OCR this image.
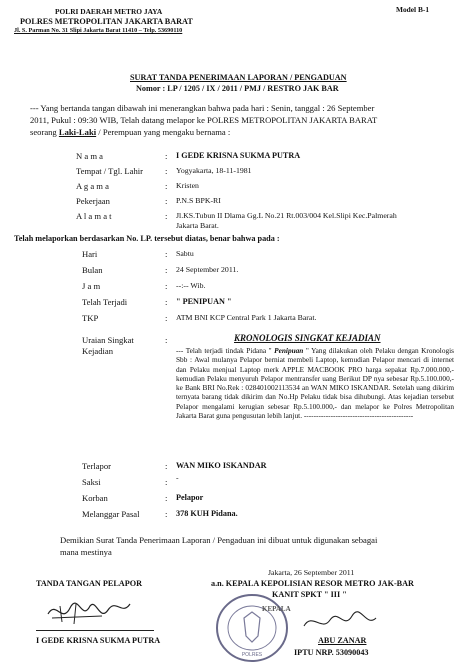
POLRI DAERAH METRO JAYA
POLRES METROPOLITAN JAKARTA BARAT
Jl. S. Parman No. 31 Slipi Jakarta Barat 11410 – Telp. 53690110
Model B-1
SURAT TANDA PENERIMAAN LAPORAN / PENGADUAN
Nomor : LP / 1205 / IX / 2011 / PMJ / RESTRO JAK BAR
--- Yang bertanda tangan dibawah ini menerangkan bahwa pada hari : Senin, tanggal : 26 September
2011, Pukul : 09:30 WIB, Telah datang melapor ke POLRES METROPOLITAN JAKARTA BARAT
seorang Laki-Laki / Perempuan yang mengaku bernama :
N a m a	: I GEDE KRISNA SUKMA PUTRA
Tempat / Tgl. Lahir	: Yogyakarta, 18-11-1981
A g a m a	: Kristen
Pekerjaan	: P.N.S BPK-RI
A l a m a t	: Jl.KS.Tubun II Dlama Gg.L No.21 Rt.003/004 Kel.Slipi Kec.Palmerah
Jakarta Barat.
Telah melaporkan berdasarkan No. LP. tersebut diatas, benar bahwa pada :
Hari	: Sabtu
Bulan	: 24 September 2011.
J a m	: --:-- Wib.
Telah Terjadi	: " PENIPUAN "
TKP	: ATM BNI KCP Central Park 1 Jakarta Barat.
Uraian Singkat
Kejadian
:	KRONOLOGIS SINGKAT KEJADIAN
--- Telah terjadi tindak Pidana " Penipuan " Yang dilakukan oleh Pelaku dengan Kronologis Sbb : Awal mulanya Pelapor berniat membeli Laptop, kemudian Pelapor mencari di internet dan Pelaku menjual Laptop merk APPLE MACBOOK PRO harga sepakat Rp.7.000.000,- kemudian Pelaku menyuruh Pelapor mentransfer uang Berikut DP nya sebesar Rp.5.100.000,- ke Bank BRI No.Rek : 028401002113534 an WAN MIKO ISKANDAR. Setelah uang dikirim ternyata barang tidak dikirim dan No.Hp Pelaku tidak bisa dihubungi. Atas kejadian tersebut Pelapor mengalami kerugian sebesar Rp.5.100.000,- dan melapor ke Polres Metropolitan Jakarta Barat guna pengusutan lebih lanjut. ---------------------------------------------
Terlapor	: WAN MIKO ISKANDAR
Saksi	: -
Korban	: Pelapor
Melanggar Pasal	: 378 KUH Pidana.
Demikian Surat Tanda Penerimaan Laporan / Pengaduan ini dibuat untuk digunakan sebagai
mana mestinya
Jakarta, 26 September 2011
a.n. KEPALA KEPOLISIAN RESOR METRO JAK-BAR
KANIT SPKT " III "
TANDA TANGAN PELAPOR
POLRES
KEPALA
ABU ZANAR
IPTU NRP. 53090043
I GEDE KRISNA SUKMA PUTRA
